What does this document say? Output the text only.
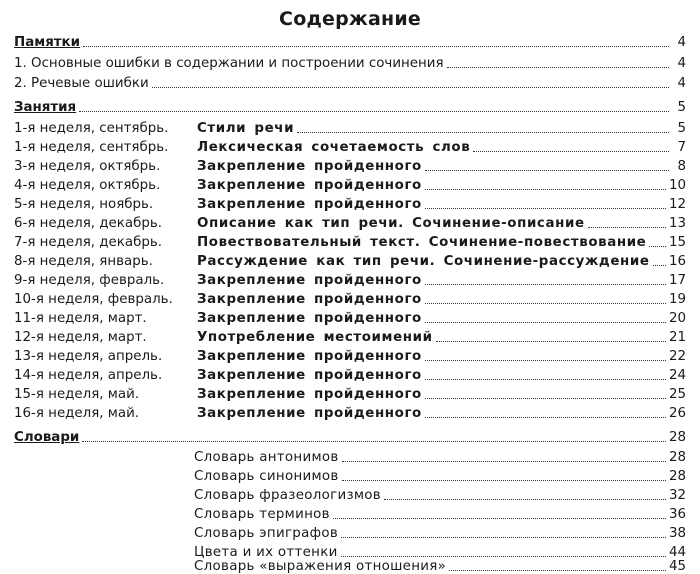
Содержание
Памятки	4
1. Основные ошибки в содержании и построении сочинения	4
2. Речевые ошибки	4
Занятия	5
1-я неделя, сентябрь.	Стили речи	5
1-я неделя, сентябрь.	Лексическая сочетаемость слов	7
3-я неделя, октябрь.	Закрепление пройденного	8
4-я неделя, октябрь.	Закрепление пройденного	10
5-я неделя, ноябрь.	Закрепление пройденного	12
6-я неделя, декабрь.	Описание как тип речи. Сочинение-описание	13
7-я неделя, декабрь.	Повествовательный текст. Сочинение-повествование 15
8-я неделя, январь.	Рассуждение как тип речи. Сочинение-рассуждение 16
9-я неделя, февраль.	Закрепление пройденного	17
10-я неделя, февраль.	Закрепление пройденного	19
11-я неделя, март.	Закрепление пройденного	20
12-я неделя, март.	Употребление местоимений	21
13-я неделя, апрель.	Закрепление пройденного	22
14-я неделя, апрель.	Закрепление пройденного	24
15-я неделя, май.	Закрепление пройденного	25
16-я неделя, май.	Закрепление пройденного	26
Словари	28
Словарь антонимов	28
Словарь синонимов	28
Словарь фразеологизмов	32
Словарь терминов	36
Словарь эпиграфов	38
Цвета и их оттенки	44
Словарь «выражения отношения»	45
